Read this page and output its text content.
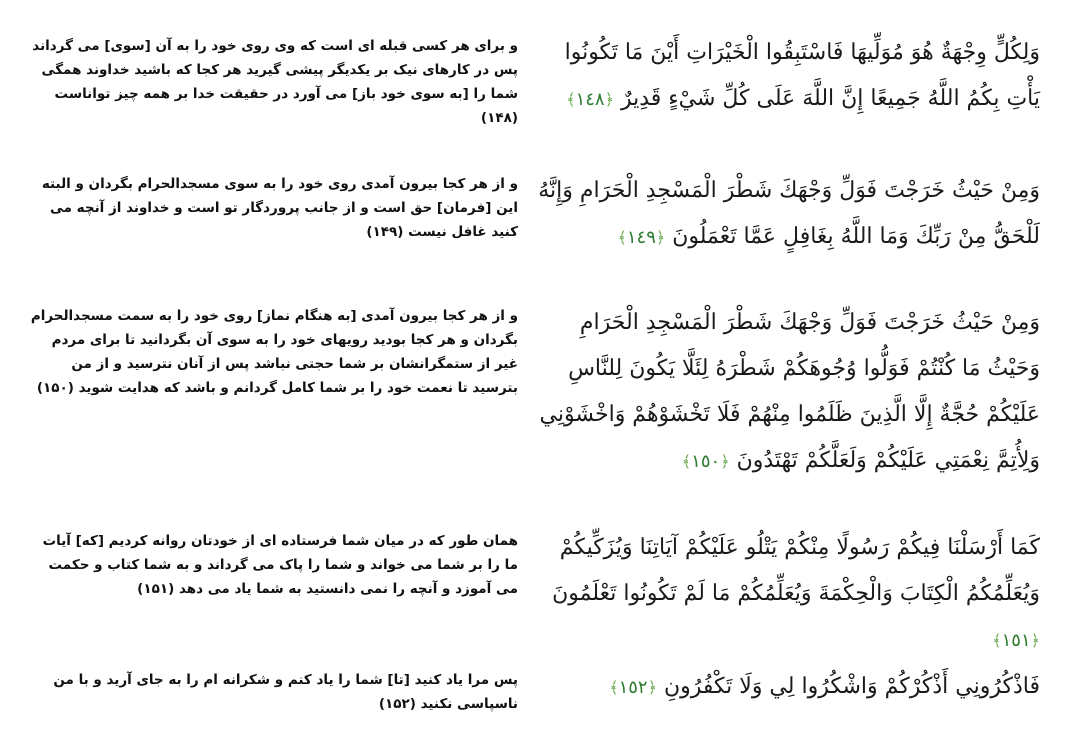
وَلِكُلٍّ وِجْهَةٌ هُوَ مُوَلِّيهَا فَاسْتَبِقُوا الْخَيْرَاتِ أَيْنَ مَا تَكُونُوا يَأْتِ بِكُمُ اللَّهُ جَمِيعًا إِنَّ اللَّهَ عَلَى كُلِّ شَيْءٍ قَدِيرٌ ﴿١٤٨﴾
و برای هر کسی قبله ای است که وی روی خود را به آن [سوی] می گرداند پس در کارهای نیک بر یکدیگر پیشی گیرید هر کجا که باشید خداوند همگی شما را [به سوی خود باز] می آورد در حقیقت خدا بر همه چیز تواناست (۱۴۸)
وَمِنْ حَيْثُ خَرَجْتَ فَوَلِّ وَجْهَكَ شَطْرَ الْمَسْجِدِ الْحَرَامِ وَإِنَّهُ لَلْحَقُّ مِنْ رَبِّكَ وَمَا اللَّهُ بِغَافِلٍ عَمَّا تَعْمَلُونَ ﴿١٤٩﴾
و از هر کجا بیرون آمدی روی خود را به سوی مسجدالحرام بگردان و البته این [فرمان] حق است و از جانب پروردگار تو است و خداوند از آنچه می کنید غافل نیست (۱۴۹)
وَمِنْ حَيْثُ خَرَجْتَ فَوَلِّ وَجْهَكَ شَطْرَ الْمَسْجِدِ الْحَرَامِ وَحَيْثُ مَا كُنْتُمْ فَوَلُّوا وُجُوهَكُمْ شَطْرَهُ لِئَلَّا يَكُونَ لِلنَّاسِ عَلَيْكُمْ حُجَّةٌ إِلَّا الَّذِينَ ظَلَمُوا مِنْهُمْ فَلَا تَخْشَوْهُمْ وَاخْشَوْنِي وَلِأُتِمَّ نِعْمَتِي عَلَيْكُمْ وَلَعَلَّكُمْ تَهْتَدُونَ ﴿١٥٠﴾
و از هر کجا بیرون آمدی [به هنگام نماز] روی خود را به سمت مسجدالحرام بگردان و هر کجا بودید رویهای خود را به سوی آن بگردانید تا برای مردم غیر از ستمگرانشان بر شما حجتی نباشد پس از آنان نترسید و از من بترسید تا نعمت خود را بر شما کامل گردانم و باشد که هدایت شوید (۱۵۰)
كَمَا أَرْسَلْنَا فِيكُمْ رَسُولًا مِنْكُمْ يَتْلُو عَلَيْكُمْ آيَاتِنَا وَيُزَكِّيكُمْ وَيُعَلِّمُكُمُ الْكِتَابَ وَالْحِكْمَةَ وَيُعَلِّمُكُمْ مَا لَمْ تَكُونُوا تَعْلَمُونَ ﴿١٥١﴾
همان طور که در میان شما فرستاده ای از خودتان روانه کردیم [که] آیات ما را بر شما می خواند و شما را پاک می گرداند و به شما کتاب و حکمت می آموزد و آنچه را نمی دانستید به شما یاد می دهد (۱۵۱)
فَاذْكُرُونِي أَذْكُرْكُمْ وَاشْكُرُوا لِي وَلَا تَكْفُرُونِ ﴿١٥٢﴾
پس مرا یاد کنید [تا] شما را یاد کنم و شکرانه ام را به جای آرید و با من ناسپاسی نکنید (۱۵۲)
